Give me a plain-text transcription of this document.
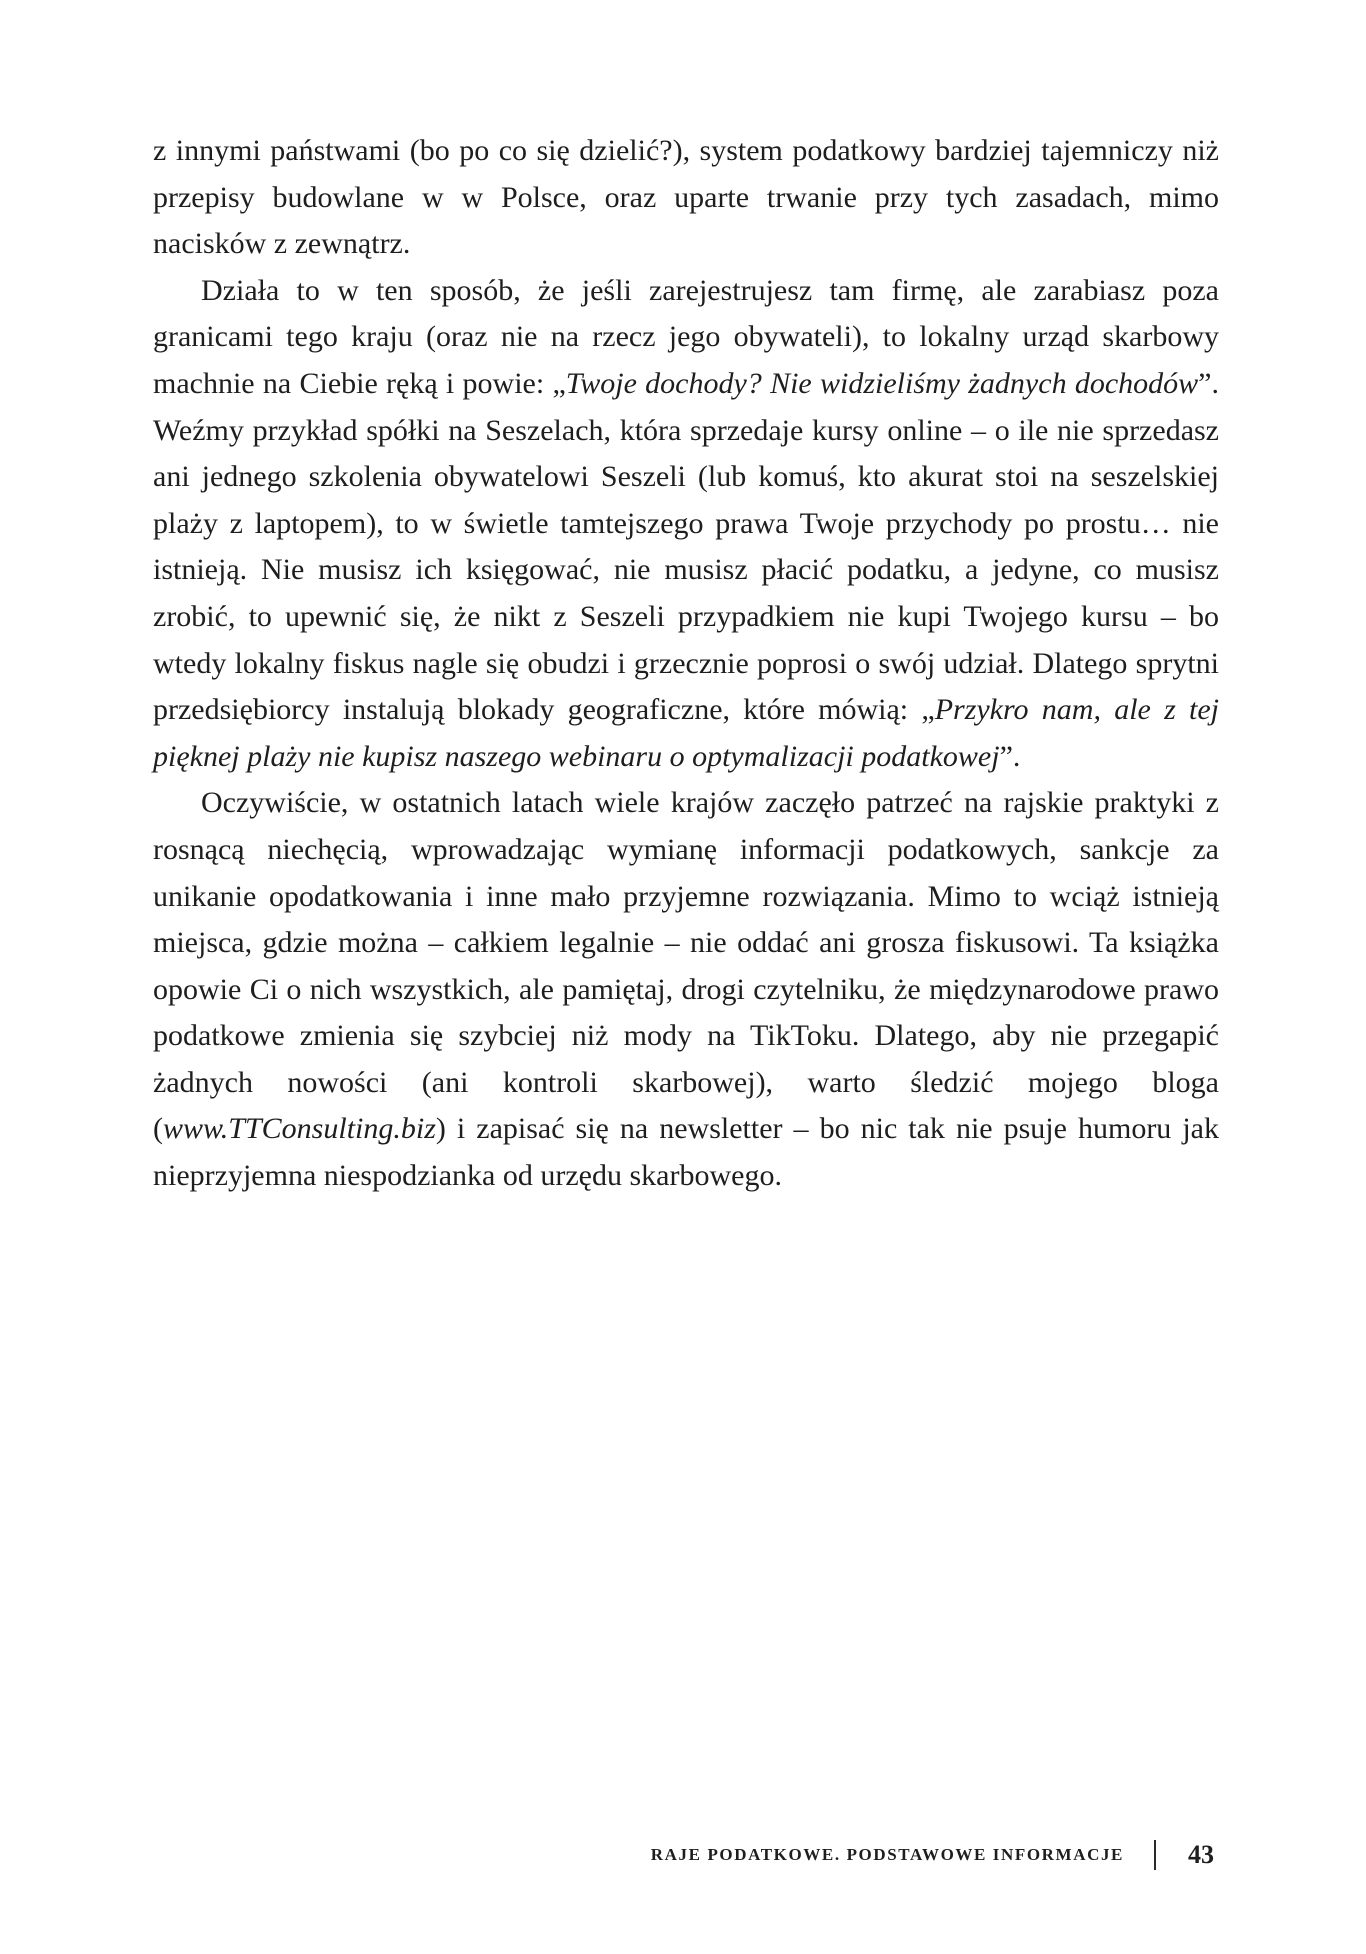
z innymi państwami (bo po co się dzielić?), system podatkowy bardziej tajemniczy niż przepisy budowlane w w Polsce, oraz uparte trwanie przy tych zasadach, mimo nacisków z zewnątrz.

Działa to w ten sposób, że jeśli zarejestrujesz tam firmę, ale zarabiasz poza granicami tego kraju (oraz nie na rzecz jego obywateli), to lokalny urząd skarbowy machnie na Ciebie ręką i powie: „Twoje dochody? Nie widzieliśmy żadnych dochodów”. Weźmy przykład spółki na Seszelach, która sprzedaje kursy online – o ile nie sprzedasz ani jednego szkolenia obywatelowi Seszeli (lub komuś, kto akurat stoi na seszelskiej plaży z laptopem), to w świetle tamtejszego prawa Twoje przychody po prostu… nie istnieją. Nie musisz ich księgować, nie musisz płacić podatku, a jedyne, co musisz zrobić, to upewnić się, że nikt z Seszeli przypadkiem nie kupi Twojego kursu – bo wtedy lokalny fiskus nagle się obudzi i grzecznie poprosi o swój udział. Dlatego sprytni przedsiębiorcy instalują blokady geograficzne, które mówią: „Przykro nam, ale z tej pięknej plaży nie kupisz naszego webinaru o optymalizacji podatkowej”.

Oczywiście, w ostatnich latach wiele krajów zaczęło patrzeć na rajskie praktyki z rosnącą niechęcią, wprowadzając wymianę informacji podatkowych, sankcje za unikanie opodatkowania i inne mało przyjemne rozwiązania. Mimo to wciąż istnieją miejsca, gdzie można – całkiem legalnie – nie oddać ani grosza fiskusowi. Ta książka opowie Ci o nich wszystkich, ale pamiętaj, drogi czytelniku, że międzynarodowe prawo podatkowe zmienia się szybciej niż mody na TikToku. Dlatego, aby nie przegapić żadnych nowości (ani kontroli skarbowej), warto śledzić mojego bloga (www.TTConsulting.biz) i zapisać się na newsletter – bo nic tak nie psuje humoru jak nieprzyjemna niespodzianka od urzędu skarbowego.

RAJE PODATKOWE. PODSTAWOWE INFORMACJE 43
